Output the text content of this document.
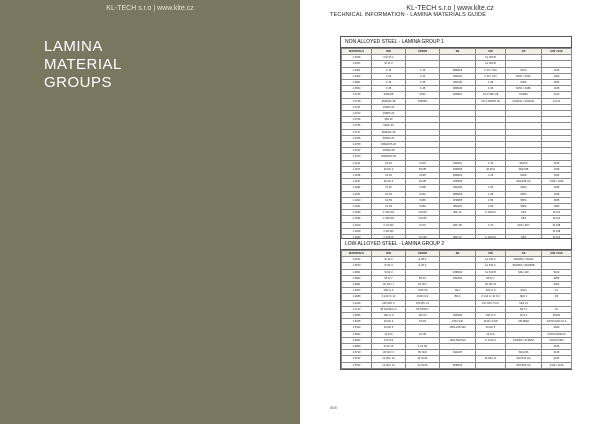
KL-TECH s.r.o | www.klte.cz
LAMINA
MATERIAL
GROUPS
KL-TECH s.r.o | www.klte.cz
TECHNICAL INFORMATION - LAMINA MATERIALS GUIDE
NON ALLOYED STEEL - LAMINA GROUP 1
MATERIALS	DIN	AFNOR	BS	UNI	JIS	AISI / SAE
1.0036	USt 37-2			Fe 360 B		
1.0037	St 37-2			Fe 360 B		
1.0401	C 15	C 15	080M15	C 15 / C16	S15C	1015
1.0402	C 22	C 22	050A20	C 20 / C21	S20C / S22C	1020
1.0501	C 35	C 35	060A35	C 35	S35C	1035
1.0503	C 45	C 45	080M46	C 45	S45C / S48C	1045
1.0715	9SMn28	S250	230M07	CF 9 SMn 28	SUM22	1213
1.0718	9SMnPb 28	S250Pb		CF 9 SMnPb 28	SUM22L / SUM24L	12L13
1.0721	10SPb 20					
1.0722	10SPb 20					
1.0726	35S 20					
1.0736	9SMn 36					
1.0737	9SMnPb 36					
1.0756	35SPb 20					
1.0760	45SMnPb 20					
1.0762	44SMn 28					
1.0763	45SMnPb 28					
1.1141	Ck 15	XC15	040A15	C 15	S15CK	1015
1.1157	40 Mn 4	35 M5	150M36	40 Mn4	SMn438	1039
1.1158	Ck 25	XC25	080M24	C 25	S25C	1025
1.1167	36 Mn 5	40 M5	150M36		SMn438 (H)	1335 / 1330
1.1183	Cf 35	XC38	060A35	C 35	S35C	1035
1.1191	Ck 45	XC42	080M46	C 45	S45C	1045
1.1203	Ck 55	XC55	070M55	C 55	S55C	1055
1.1221	Ck 60	XC60	080A62	C 60	S58C	1060
1.1545	C 105 W1	XC105	BW 1A	C 100 KU	SK3	W 110
1.1546	C 105 W1	XC105			SK3	W 110
1.1620	C 70 W2	XC70	BW 1B	C 70	SK6 / SK7	W 108
1.1625	C 80 W2					W 108

LOW ALLOYED STEEL - LAMINA GROUP 2
MATERIALS	DIN	AFNOR	BS	UNI	JIS	AISI / SAE
1.0144	St 44-2	E 28-3		Fe 430 C	SM400A / SS400	
1.0570	St 52-3	E 36-3		Fe 510 C	SM490A / SM490B	
1.0841	St 52-3		150M19	Fe 510 B	SMn 420	5120
1.0904	55 Si 7	55 S7	250A53	55 Si 7		9255
1.0961	60 SiCr 7	60 SC7		60 SiCr 8		9262
1.2067	100 Cr 6	Y100 C6	BL3	100 Cr 6	SUJ2	L3
1.2080	X 210 Cr 12	Z200 C12	BD 3	X 210 Cr 13 KU	SKD 1	D3
1.2419	105 WCr 6	105 WC 13		107 WCr 5 KU	SKS 31	
1.2713	55 NiCrMoV 6	55 NCDV7			SKT 4	L6
1.3505	100 Cr 6	100 C6	535A99	100 Cr 6	SUJ 2	52100
1.5415	16 Mo 3	15 D3	1501-240	16 Mo 3 KW	SB 450M	ASTM A204 Gr.A
1.5423	16 Mo 5		1503-245-420	16 Mo 5		4520
1.5622	14 Ni 6	16 N6		14 Ni 6		ASTM A350LF5
1.5662	X 8 Ni 9		1501-509-510	X 10 Ni 9	SL9N53 / SL9N60	ASTM A353
1.5680	12 Ni 19	Z 18 N5				2515
1.5710	36 NiCr 6	35 NC6	640A35		SNC236	3135
1.5732	14 NiCr 10	14 NC11		16 NiCr 11	SNC415 (H)	3415
1.5752	14 NiCr 14	12 NC15	655M13		SNC815 (H)	3415 / 3310
508
